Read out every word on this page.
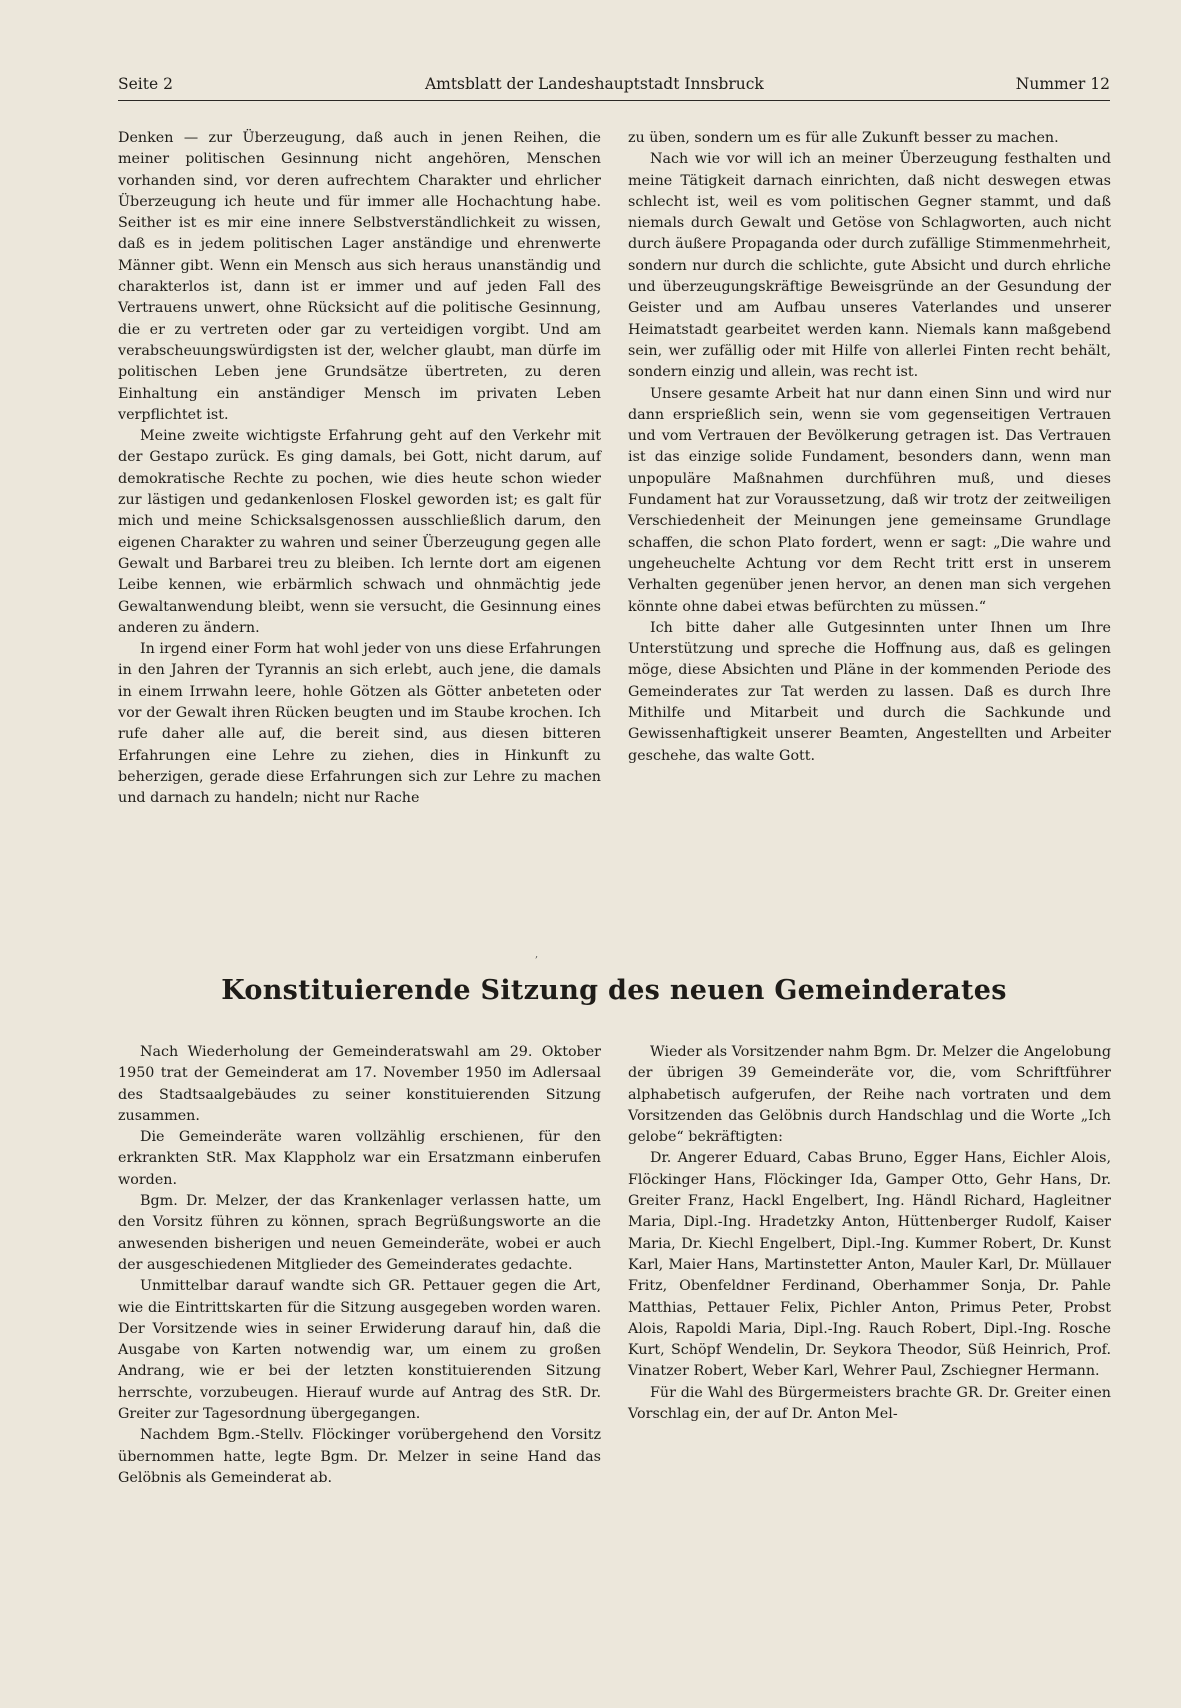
Seite 2	Amtsblatt der Landeshauptstadt Innsbruck	Nummer 12

Denken — zur Überzeugung, daß auch in jenen Reihen, die meiner politischen Gesinnung nicht angehören, Menschen vorhanden sind, vor deren aufrechtem Charakter und ehrlicher Überzeugung ich heute und für immer alle Hochachtung habe. Seither ist es mir eine innere Selbstverständlichkeit zu wissen, daß es in jedem politischen Lager anständige und ehrenwerte Männer gibt. Wenn ein Mensch aus sich heraus unanständig und charakterlos ist, dann ist er immer und auf jeden Fall des Vertrauens unwert, ohne Rücksicht auf die politische Gesinnung, die er zu vertreten oder gar zu verteidigen vorgibt. Und am verabscheuungswürdigsten ist der, welcher glaubt, man dürfe im politischen Leben jene Grundsätze übertreten, zu deren Einhaltung ein anständiger Mensch im privaten Leben verpflichtet ist.

Meine zweite wichtigste Erfahrung geht auf den Verkehr mit der Gestapo zurück. Es ging damals, bei Gott, nicht darum, auf demokratische Rechte zu pochen, wie dies heute schon wieder zur lästigen und gedankenlosen Floskel geworden ist; es galt für mich und meine Schicksalsgenossen ausschließlich darum, den eigenen Charakter zu wahren und seiner Überzeugung gegen alle Gewalt und Barbarei treu zu bleiben. Ich lernte dort am eigenen Leibe kennen, wie erbärmlich schwach und ohnmächtig jede Gewaltanwendung bleibt, wenn sie versucht, die Gesinnung eines anderen zu ändern.

In irgend einer Form hat wohl jeder von uns diese Erfahrungen in den Jahren der Tyrannis an sich erlebt, auch jene, die damals in einem Irrwahn leere, hohle Götzen als Götter anbeteten oder vor der Gewalt ihren Rücken beugten und im Staube krochen. Ich rufe daher alle auf, die bereit sind, aus diesen bitteren Erfahrungen eine Lehre zu ziehen, dies in Hinkunft zu beherzigen, gerade diese Erfahrungen sich zur Lehre zu machen und darnach zu handeln; nicht nur Rache

zu üben, sondern um es für alle Zukunft besser zu machen.

Nach wie vor will ich an meiner Überzeugung festhalten und meine Tätigkeit darnach einrichten, daß nicht deswegen etwas schlecht ist, weil es vom politischen Gegner stammt, und daß niemals durch Gewalt und Getöse von Schlagworten, auch nicht durch äußere Propaganda oder durch zufällige Stimmenmehrheit, sondern nur durch die schlichte, gute Absicht und durch ehrliche und überzeugungskräftige Beweisgründe an der Gesundung der Geister und am Aufbau unseres Vaterlandes und unserer Heimatstadt gearbeitet werden kann. Niemals kann maßgebend sein, wer zufällig oder mit Hilfe von allerlei Finten recht behält, sondern einzig und allein, was recht ist.

Unsere gesamte Arbeit hat nur dann einen Sinn und wird nur dann ersprießlich sein, wenn sie vom gegenseitigen Vertrauen und vom Vertrauen der Bevölkerung getragen ist. Das Vertrauen ist das einzige solide Fundament, besonders dann, wenn man unpopuläre Maßnahmen durchführen muß, und dieses Fundament hat zur Voraussetzung, daß wir trotz der zeitweiligen Verschiedenheit der Meinungen jene gemeinsame Grundlage schaffen, die schon Plato fordert, wenn er sagt: „Die wahre und ungeheuchelte Achtung vor dem Recht tritt erst in unserem Verhalten gegenüber jenen hervor, an denen man sich vergehen könnte ohne dabei etwas befürchten zu müssen.“

Ich bitte daher alle Gutgesinnten unter Ihnen um Ihre Unterstützung und spreche die Hoffnung aus, daß es gelingen möge, diese Absichten und Pläne in der kommenden Periode des Gemeinderates zur Tat werden zu lassen. Daß es durch Ihre Mithilfe und Mitarbeit und durch die Sachkunde und Gewissenhaftigkeit unserer Beamten, Angestellten und Arbeiter geschehe, das walte Gott.

,
Konstituierende Sitzung des neuen Gemeinderates

Nach Wiederholung der Gemeinderatswahl am 29. Oktober 1950 trat der Gemeinderat am 17. November 1950 im Adlersaal des Stadtsaalgebäudes zu seiner konstituierenden Sitzung zusammen.

Die Gemeinderäte waren vollzählig erschienen, für den erkrankten StR. Max Klappholz war ein Ersatzmann einberufen worden.

Bgm. Dr. Melzer, der das Krankenlager verlassen hatte, um den Vorsitz führen zu können, sprach Begrüßungsworte an die anwesenden bisherigen und neuen Gemeinderäte, wobei er auch der ausgeschiedenen Mitglieder des Gemeinderates gedachte.

Unmittelbar darauf wandte sich GR. Pettauer gegen die Art, wie die Eintrittskarten für die Sitzung ausgegeben worden waren. Der Vorsitzende wies in seiner Erwiderung darauf hin, daß die Ausgabe von Karten notwendig war, um einem zu großen Andrang, wie er bei der letzten konstituierenden Sitzung herrschte, vorzubeugen. Hierauf wurde auf Antrag des StR. Dr. Greiter zur Tagesordnung übergegangen.

Nachdem Bgm.-Stellv. Flöckinger vorübergehend den Vorsitz übernommen hatte, legte Bgm. Dr. Melzer in seine Hand das Gelöbnis als Gemeinderat ab.

Wieder als Vorsitzender nahm Bgm. Dr. Melzer die Angelobung der übrigen 39 Gemeinderäte vor, die, vom Schriftführer alphabetisch aufgerufen, der Reihe nach vortraten und dem Vorsitzenden das Gelöbnis durch Handschlag und die Worte „Ich gelobe“ bekräftigten:

Dr. Angerer Eduard, Cabas Bruno, Egger Hans, Eichler Alois, Flöckinger Hans, Flöckinger Ida, Gamper Otto, Gehr Hans, Dr. Greiter Franz, Hackl Engelbert, Ing. Händl Richard, Hagleitner Maria, Dipl.-Ing. Hradetzky Anton, Hüttenberger Rudolf, Kaiser Maria, Dr. Kiechl Engelbert, Dipl.-Ing. Kummer Robert, Dr. Kunst Karl, Maier Hans, Martinstetter Anton, Mauler Karl, Dr. Müllauer Fritz, Obenfeldner Ferdinand, Oberhammer Sonja, Dr. Pahle Matthias, Pettauer Felix, Pichler Anton, Primus Peter, Probst Alois, Rapoldi Maria, Dipl.-Ing. Rauch Robert, Dipl.-Ing. Rosche Kurt, Schöpf Wendelin, Dr. Seykora Theodor, Süß Heinrich, Prof. Vinatzer Robert, Weber Karl, Wehrer Paul, Zschiegner Hermann.

Für die Wahl des Bürgermeisters brachte GR. Dr. Greiter einen Vorschlag ein, der auf Dr. Anton Mel-
